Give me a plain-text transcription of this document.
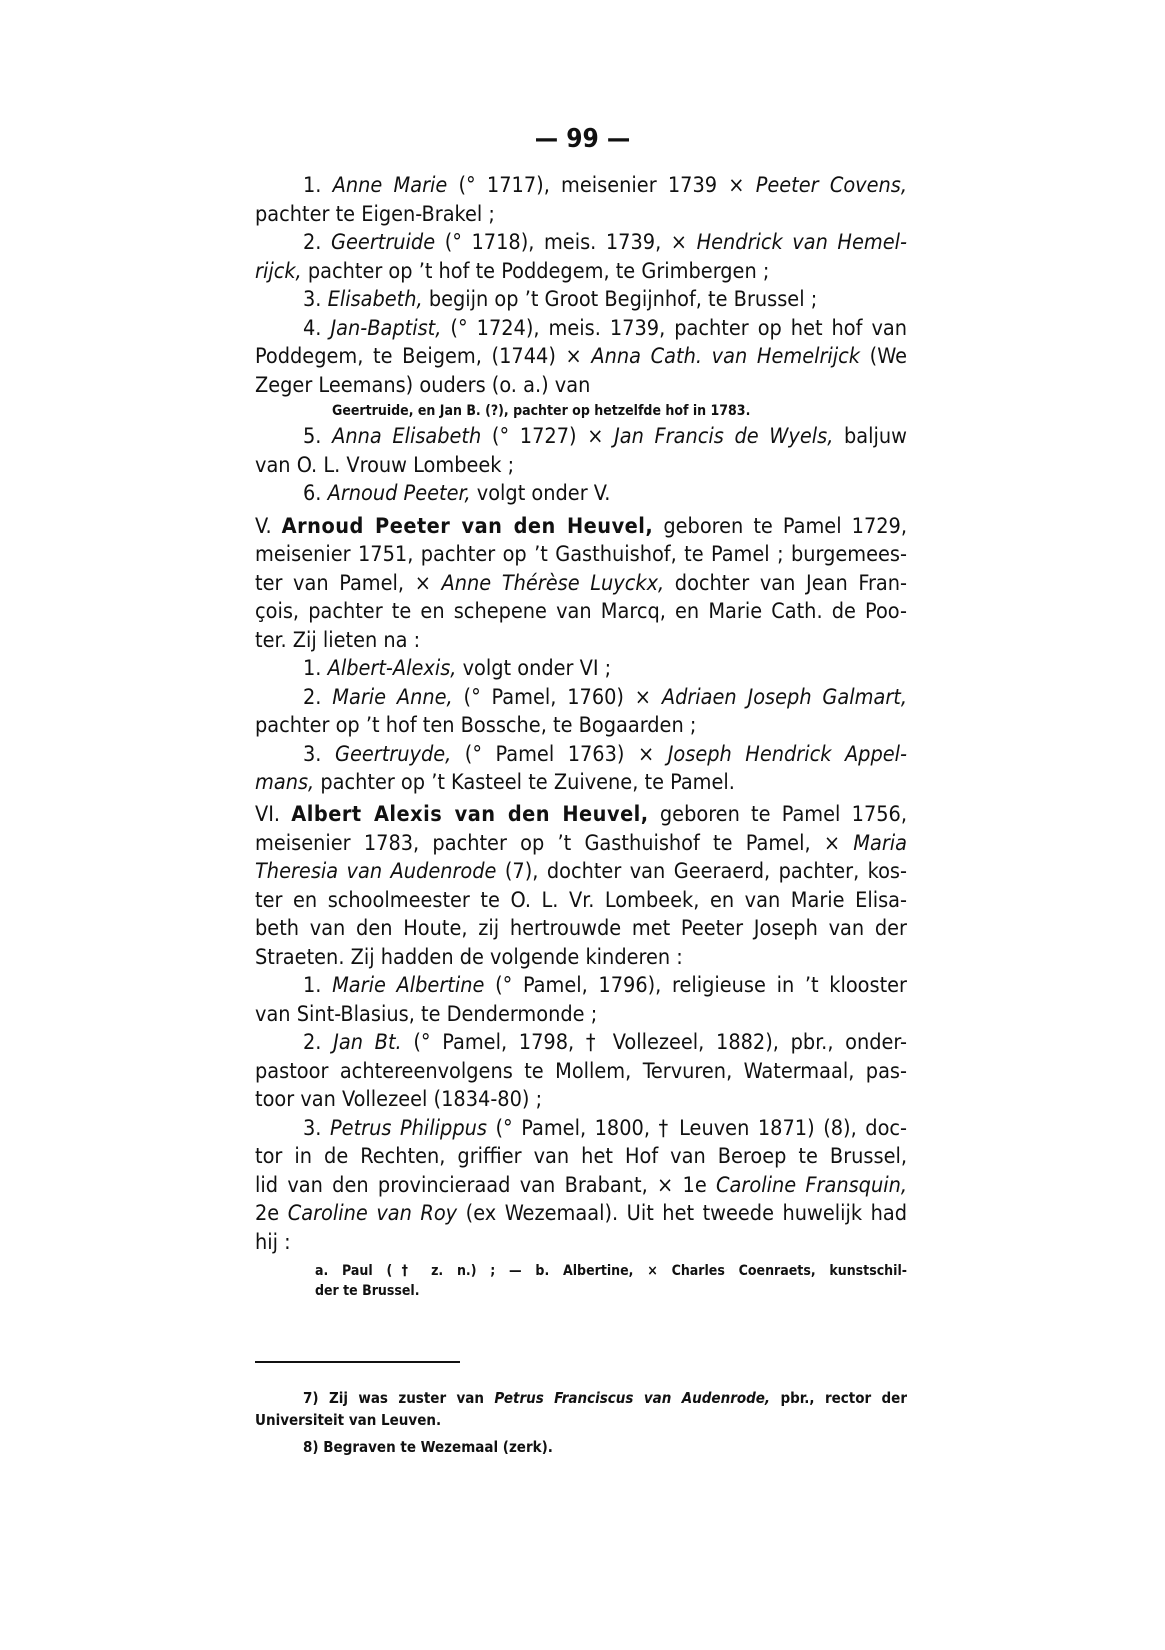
— 99 —
1. Anne Marie (° 1717), meisenier 1739 × Peeter Covens,
pachter te Eigen-Brakel ;
2. Geertruide (° 1718), meis. 1739, × Hendrick van Hemel-
rijck, pachter op ’t hof te Poddegem, te Grimbergen ;
3. Elisabeth, begijn op ’t Groot Begijnhof, te Brussel ;
4. Jan-Baptist, (° 1724), meis. 1739, pachter op het hof van
Poddegem, te Beigem, (1744) × Anna Cath. van Hemelrijck (We
Zeger Leemans) ouders (o. a.) van
Geertruide, en Jan B. (?), pachter op hetzelfde hof in 1783.
5. Anna Elisabeth (° 1727) × Jan Francis de Wyels, baljuw
van O. L. Vrouw Lombeek ;
6. Arnoud Peeter, volgt onder V.
V. Arnoud Peeter van den Heuvel, geboren te Pamel 1729,
meisenier 1751, pachter op ’t Gasthuishof, te Pamel ; burgemees-
ter van Pamel, × Anne Thérèse Luyckx, dochter van Jean Fran-
çois, pachter te en schepene van Marcq, en Marie Cath. de Poo-
ter. Zij lieten na :
1. Albert-Alexis, volgt onder VI ;
2. Marie Anne, (° Pamel, 1760) × Adriaen Joseph Galmart,
pachter op ’t hof ten Bossche, te Bogaarden ;
3. Geertruyde, (° Pamel 1763) × Joseph Hendrick Appel-
mans, pachter op ’t Kasteel te Zuivene, te Pamel.
VI. Albert Alexis van den Heuvel, geboren te Pamel 1756,
meisenier 1783, pachter op ’t Gasthuishof te Pamel, × Maria
Theresia van Audenrode (7), dochter van Geeraerd, pachter, kos-
ter en schoolmeester te O. L. Vr. Lombeek, en van Marie Elisa-
beth van den Houte, zij hertrouwde met Peeter Joseph van der
Straeten. Zij hadden de volgende kinderen :
1. Marie Albertine (° Pamel, 1796), religieuse in ’t klooster
van Sint-Blasius, te Dendermonde ;
2. Jan Bt. (° Pamel, 1798, † Vollezeel, 1882), pbr., onder-
pastoor achtereenvolgens te Mollem, Tervuren, Watermaal, pas-
toor van Vollezeel (1834-80) ;
3. Petrus Philippus (° Pamel, 1800, † Leuven 1871) (8), doc-
tor in de Rechten, griffier van het Hof van Beroep te Brussel,
lid van den provincieraad van Brabant, × 1e Caroline Fransquin,
2e Caroline van Roy (ex Wezemaal). Uit het tweede huwelijk had
hij :
a. Paul († z. n.) ; — b. Albertine, × Charles Coenraets, kunstschil-
der te Brussel.
7) Zij was zuster van Petrus Franciscus van Audenrode, pbr., rector der
Universiteit van Leuven.
8) Begraven te Wezemaal (zerk).
